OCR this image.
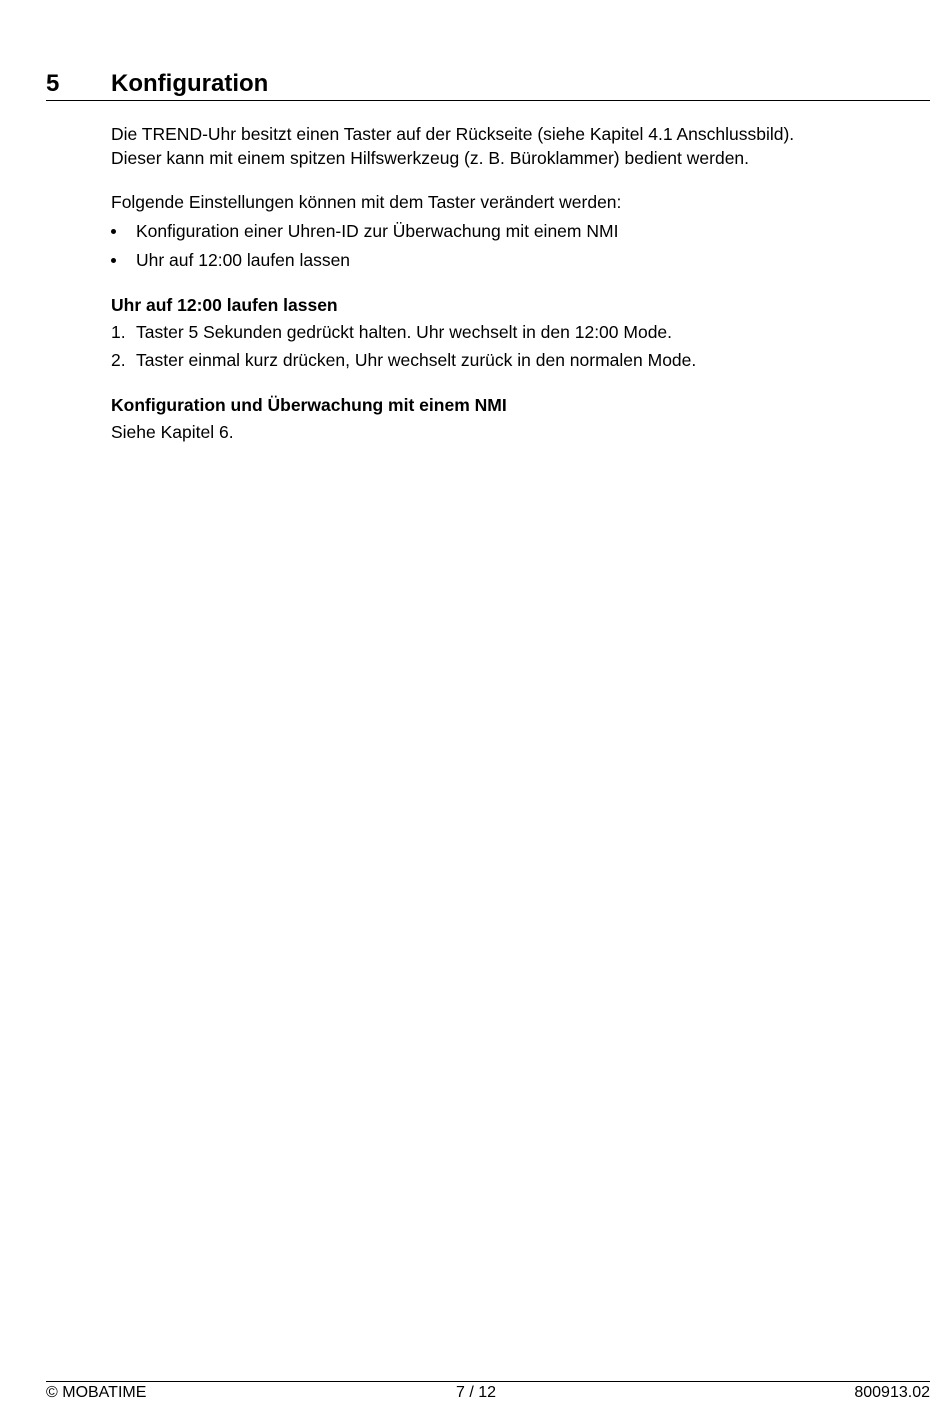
5 Konfiguration

Die TREND-Uhr besitzt einen Taster auf der Rückseite (siehe Kapitel 4.1 Anschlussbild).
Dieser kann mit einem spitzen Hilfswerkzeug (z. B. Büroklammer) bedient werden.

Folgende Einstellungen können mit dem Taster verändert werden:

Konfiguration einer Uhren-ID zur Überwachung mit einem NMI
Uhr auf 12:00 laufen lassen

Uhr auf 12:00 laufen lassen

1. Taster 5 Sekunden gedrückt halten. Uhr wechselt in den 12:00 Mode.
2. Taster einmal kurz drücken, Uhr wechselt zurück in den normalen Mode.

Konfiguration und Überwachung mit einem NMI

Siehe Kapitel 6.

© MOBATIME	7 / 12	800913.02
